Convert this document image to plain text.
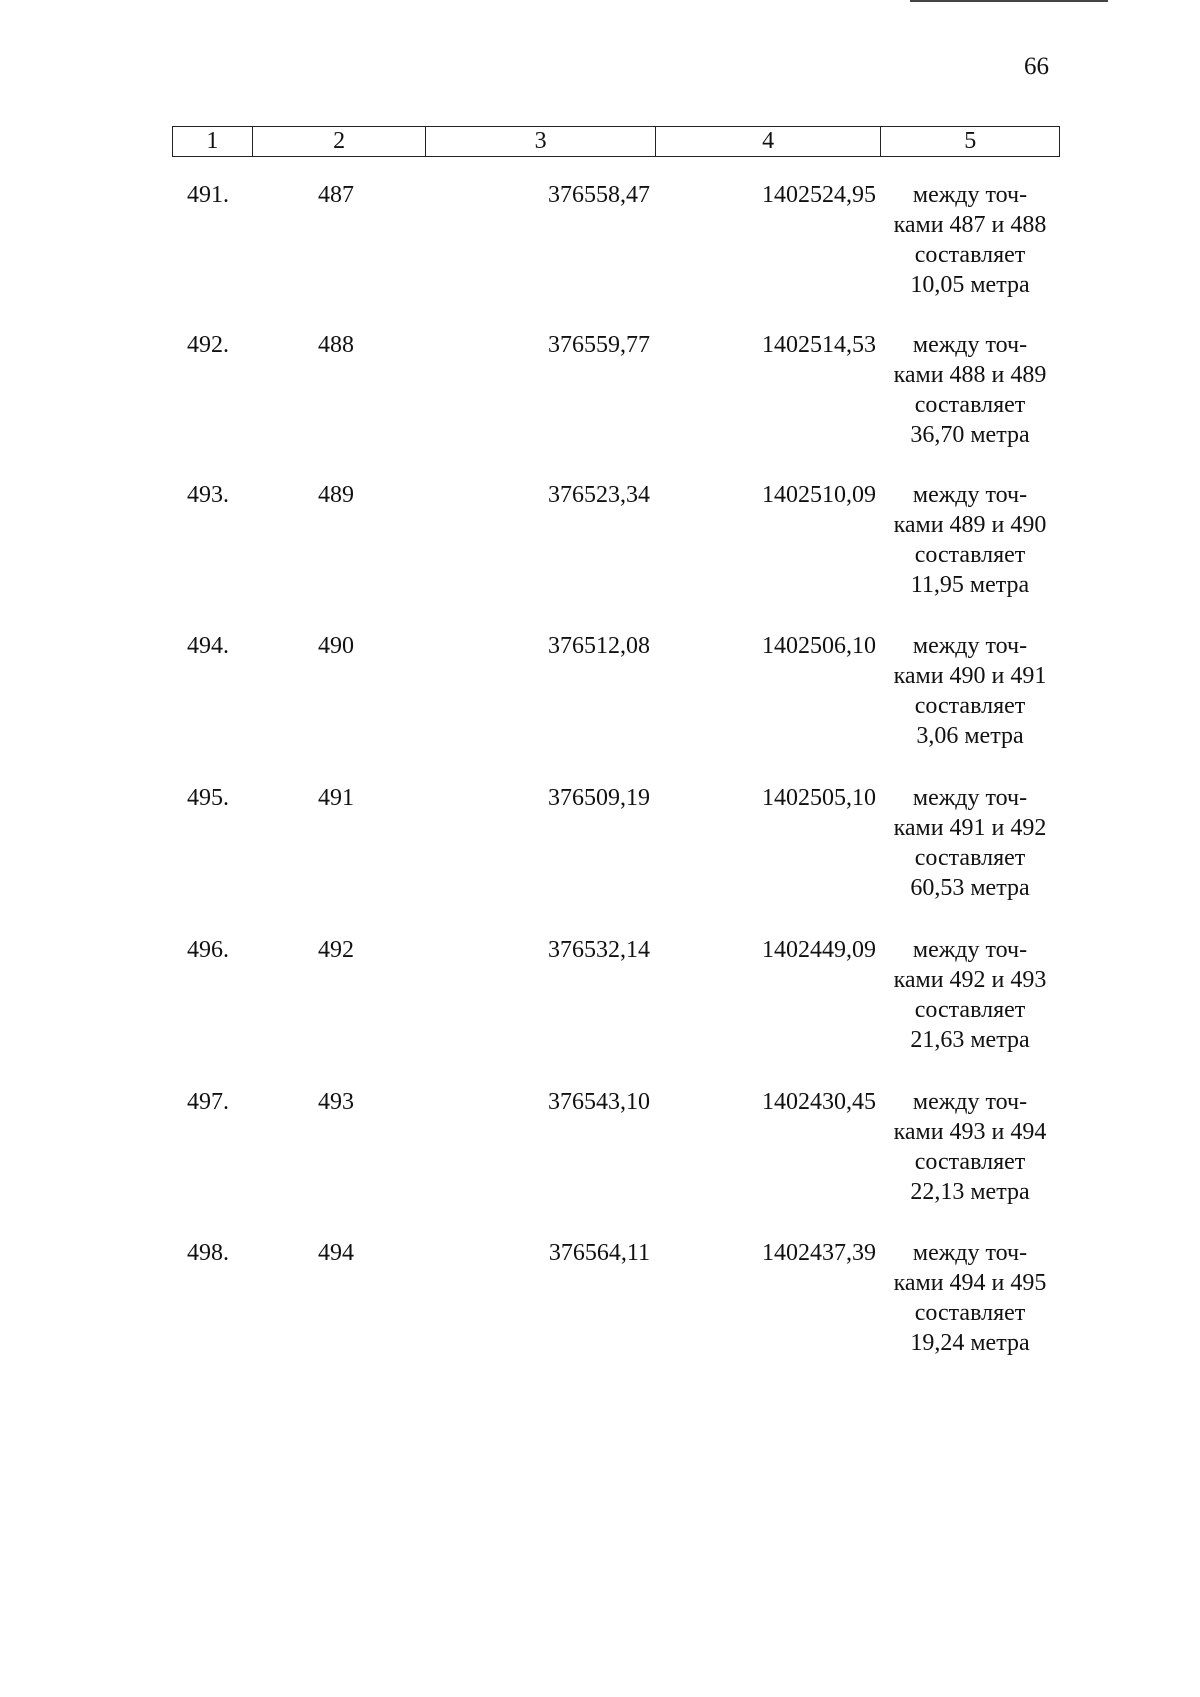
66
1	2	3	4	5
491.	487	376558,47	1402524,95	между точ-
ками 487 и 488
составляет
10,05 метра
492.	488	376559,77	1402514,53	между точ-
ками 488 и 489
составляет
36,70 метра
493.	489	376523,34	1402510,09	между точ-
ками 489 и 490
составляет
11,95 метра
494.	490	376512,08	1402506,10	между точ-
ками 490 и 491
составляет
3,06 метра
495.	491	376509,19	1402505,10	между точ-
ками 491 и 492
составляет
60,53 метра
496.	492	376532,14	1402449,09	между точ-
ками 492 и 493
составляет
21,63 метра
497.	493	376543,10	1402430,45	между точ-
ками 493 и 494
составляет
22,13 метра
498.	494	376564,11	1402437,39	между точ-
ками 494 и 495
составляет
19,24 метра
